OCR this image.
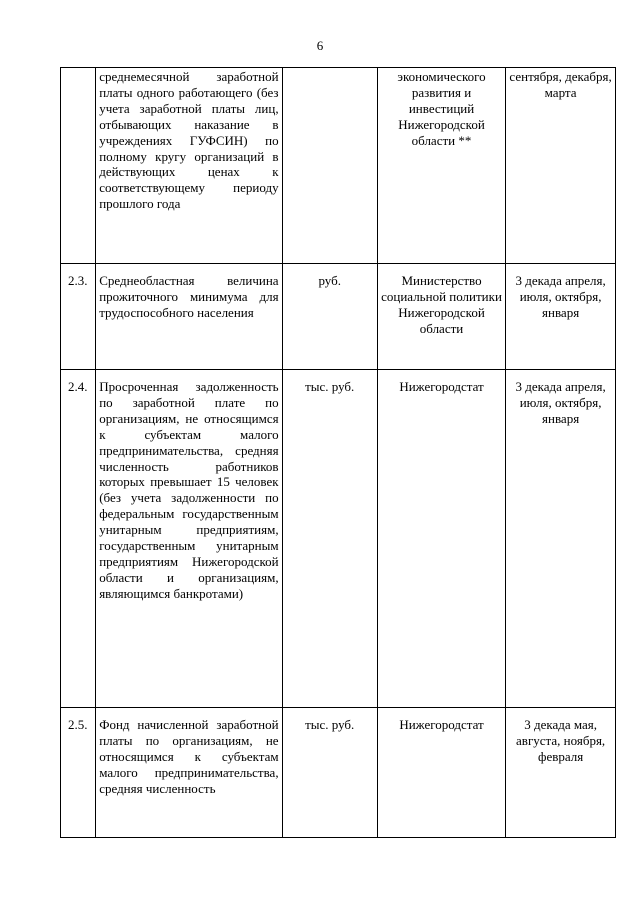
6
	среднемесячной заработной платы одного работающего (без учета заработной платы лиц, отбывающих наказание в учреждениях ГУФСИН) по полному кругу организаций в действующих ценах к соответствующему периоду прошлого года		экономического развития и инвестиций Нижегородской области **	сентября, декабря, марта
2.3.	Среднеобластная величина прожиточного минимума для трудоспособного населения	руб.	Министерство социальной политики Нижегородской области	3 декада апреля, июля, октября, января
2.4.	Просроченная задолженность по заработной плате по организациям, не относящимся к субъектам малого предпринимательства, средняя численность работников которых превышает 15 человек (без учета задолженности по федеральным государственным унитарным предприятиям, государственным унитарным предприятиям Нижегородской области и организациям, являющимся банкротами)	тыс. руб.	Нижегородстат	3 декада апреля, июля, октября, января
2.5.	Фонд начисленной заработной платы по организациям, не относящимся к субъектам малого предпринимательства, средняя численность	тыс. руб.	Нижегородстат	3 декада мая, августа, ноября, февраля
